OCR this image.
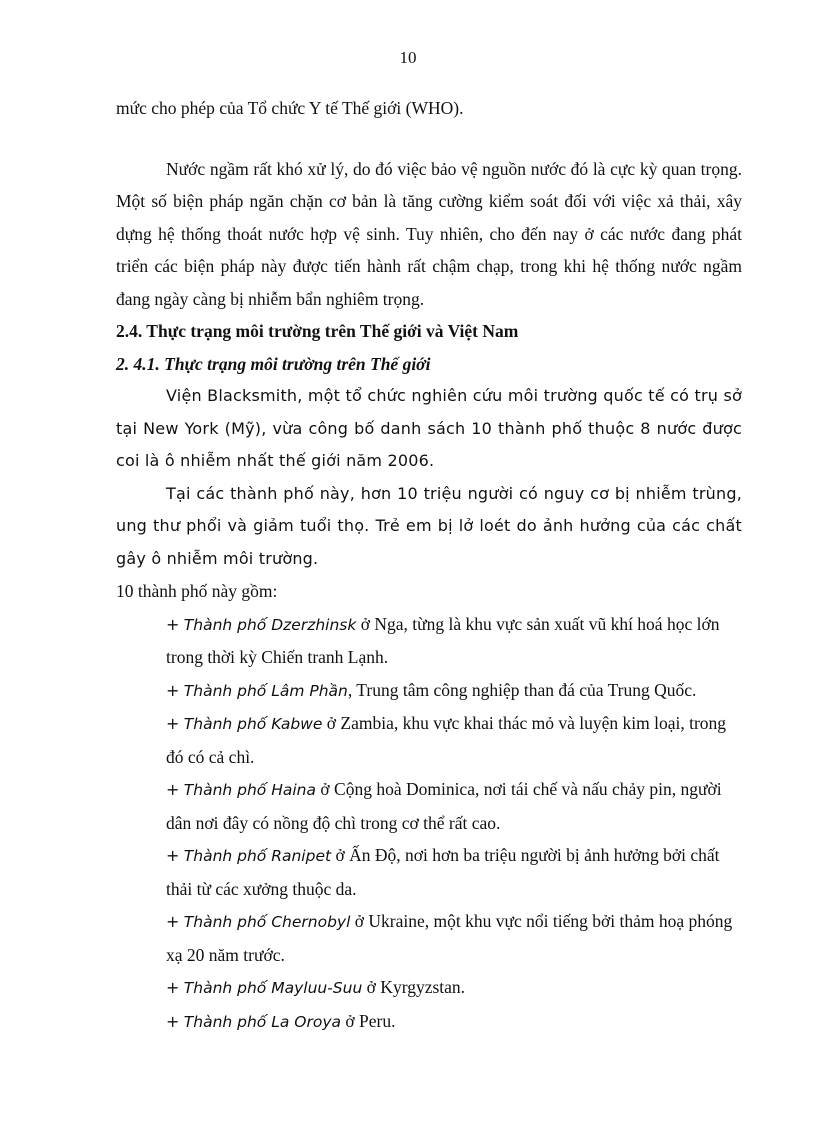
10

mức cho phép của Tổ chức Y tế Thế giới (WHO).

Nước ngầm rất khó xử lý, do đó việc bảo vệ nguồn nước đó là cực kỳ quan trọng. Một số biện pháp ngăn chặn cơ bản là tăng cường kiểm soát đối với việc xả thải, xây dựng hệ thống thoát nước hợp vệ sinh. Tuy nhiên, cho đến nay ở các nước đang phát triển các biện pháp này được tiến hành rất chậm chạp, trong khi hệ thống nước ngầm đang ngày càng bị nhiễm bẩn nghiêm trọng.

2.4. Thực trạng môi trường trên Thế giới và Việt Nam

2. 4.1. Thực trạng môi trường trên Thế giới

Viện Blacksmith, một tổ chức nghiên cứu môi trường quốc tế có trụ sở tại New York (Mỹ), vừa công bố danh sách 10 thành phố thuộc 8 nước được coi là ô nhiễm nhất thế giới năm 2006.

Tại các thành phố này, hơn 10 triệu người có nguy cơ bị nhiễm trùng, ung thư phổi và giảm tuổi thọ. Trẻ em bị lở loét do ảnh hưởng của các chất gây ô nhiễm môi trường.

10 thành phố này gồm:

+ Thành phố Dzerzhinsk ở Nga, từng là khu vực sản xuất vũ khí hoá học lớn trong thời kỳ Chiến tranh Lạnh.

+ Thành phố Lâm Phần, Trung tâm công nghiệp than đá của Trung Quốc.

+ Thành phố Kabwe ở Zambia, khu vực khai thác mỏ và luyện kim loại, trong đó có cả chì.

+ Thành phố Haina ở Cộng hoà Dominica, nơi tái chế và nấu chảy pin, người dân nơi đây có nồng độ chì trong cơ thể rất cao.

+ Thành phố Ranipet ở Ấn Độ, nơi hơn ba triệu người bị ảnh hưởng bởi chất thải từ các xưởng thuộc da.

+ Thành phố Chernobyl ở Ukraine, một khu vực nổi tiếng bởi thảm hoạ phóng xạ 20 năm trước.

+ Thành phố Mayluu-Suu ở Kyrgyzstan.

+ Thành phố La Oroya ở Peru.
